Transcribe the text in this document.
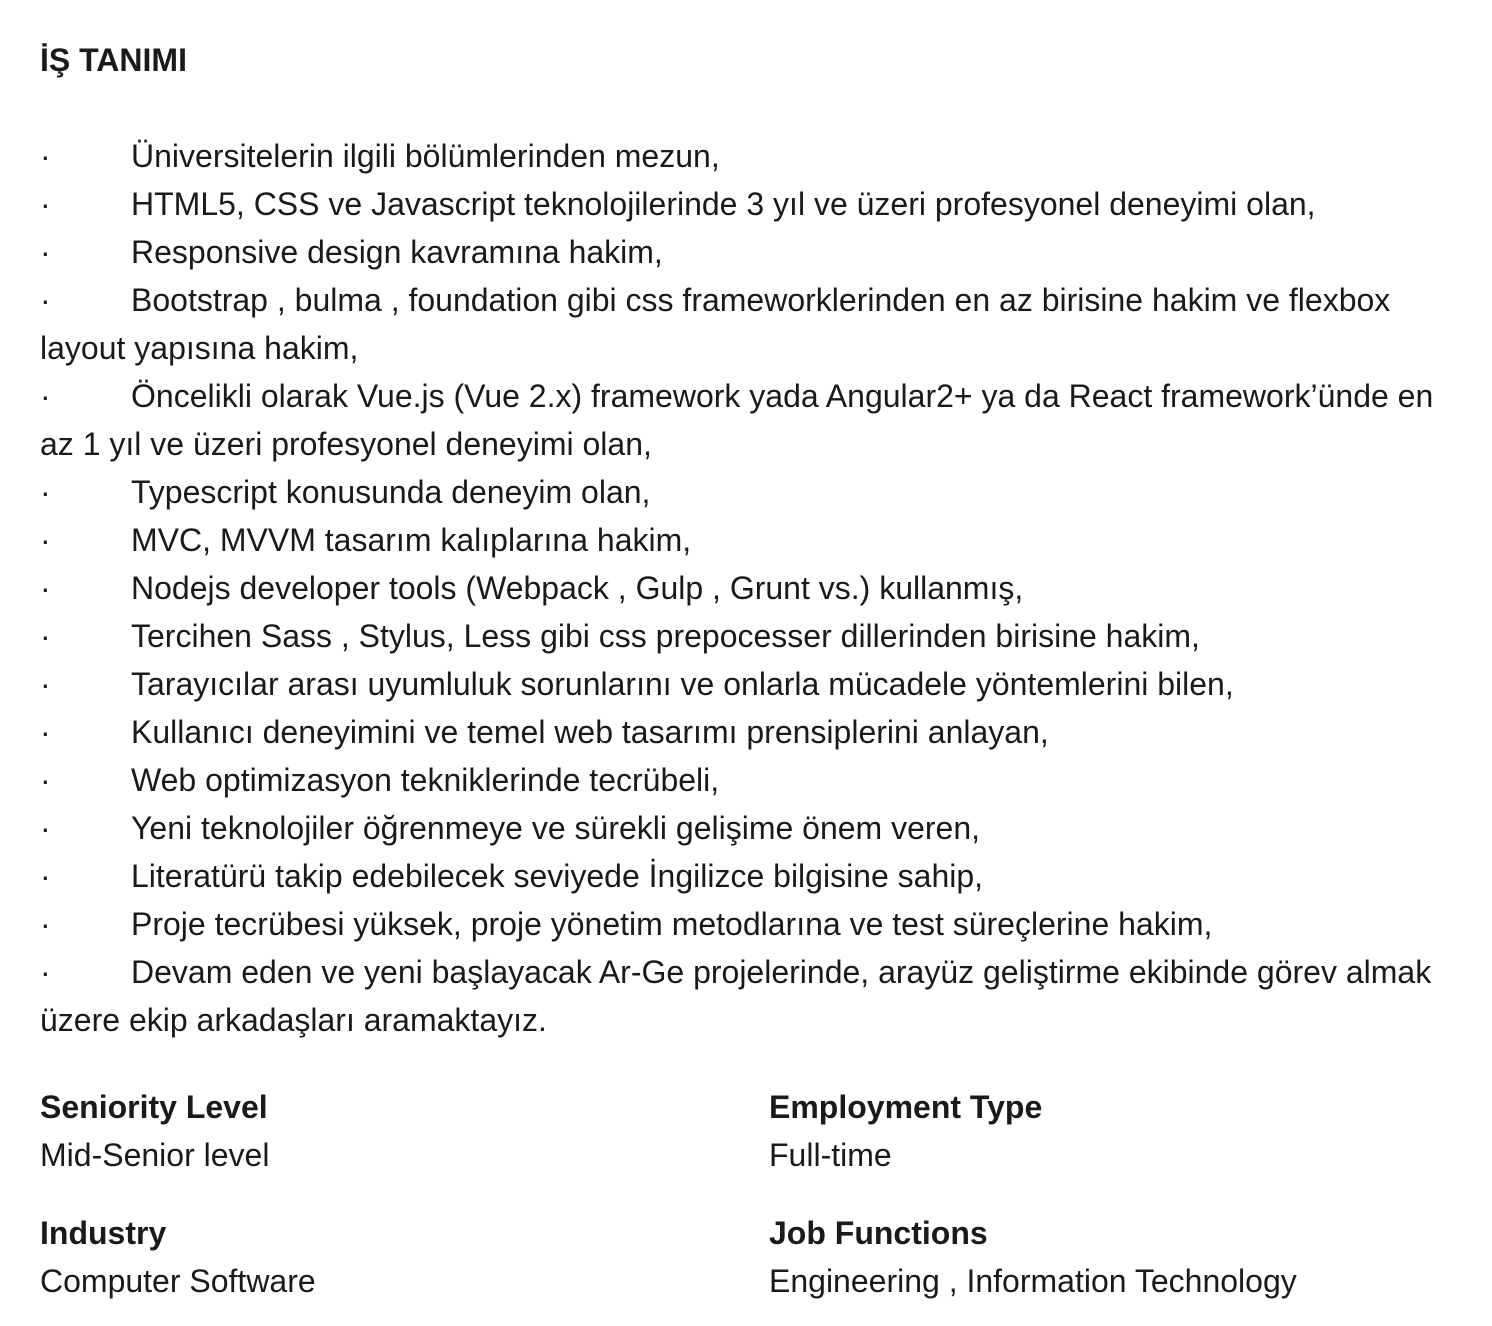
İŞ TANIMI

·	Üniversitelerin ilgili bölümlerinden mezun,

·	HTML5, CSS ve Javascript teknolojilerinde 3 yıl ve üzeri profesyonel deneyimi olan,

·	Responsive design kavramına hakim,

·	Bootstrap , bulma , foundation gibi css frameworklerinden en az birisine hakim ve flexbox layout yapısına hakim,

·	Öncelikli olarak Vue.js (Vue 2.x) framework yada Angular2+ ya da React framework’ünde en az 1 yıl ve üzeri profesyonel deneyimi olan,

·	Typescript konusunda deneyim olan,

·	MVC, MVVM tasarım kalıplarına hakim,

·	Nodejs developer tools (Webpack , Gulp , Grunt vs.) kullanmış,

·	Tercihen Sass , Stylus, Less gibi css prepocesser dillerinden birisine hakim,

·	Tarayıcılar arası uyumluluk sorunlarını ve onlarla mücadele yöntemlerini bilen,

·	Kullanıcı deneyimini ve temel web tasarımı prensiplerini anlayan,

·	Web optimizasyon tekniklerinde tecrübeli,

·	Yeni teknolojiler öğrenmeye ve sürekli gelişime önem veren,

·	Literatürü takip edebilecek seviyede İngilizce bilgisine sahip,

·	Proje tecrübesi yüksek, proje yönetim metodlarına ve test süreçlerine hakim,

·	Devam eden ve yeni başlayacak Ar-Ge projelerinde, arayüz geliştirme ekibinde görev almak üzere ekip arkadaşları aramaktayız.

Seniority Level
Mid-Senior level
Employment Type
Full-time
Industry
Computer Software
Job Functions
Engineering , Information Technology
